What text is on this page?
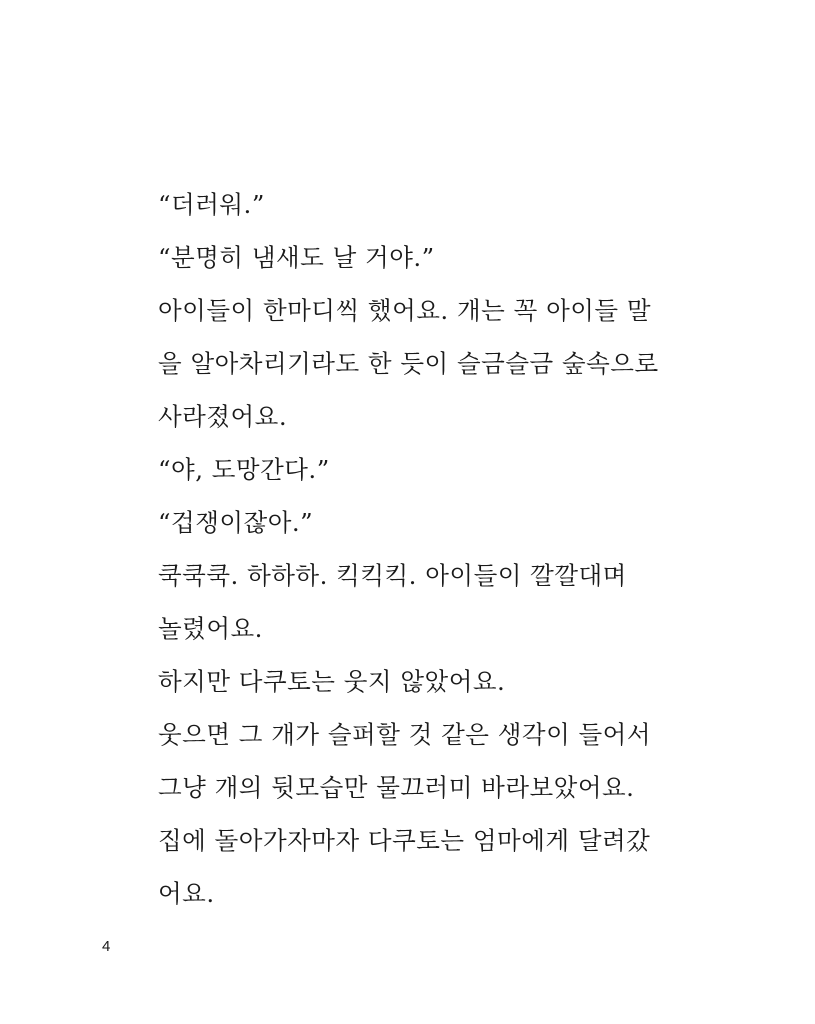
“더러워.”
“분명히 냄새도 날 거야.”
아이들이 한마디씩 했어요. 개는 꼭 아이들 말
을 알아차리기라도 한 듯이 슬금슬금 숲속으로
사라졌어요.
“야, 도망간다.”
“겁쟁이잖아.”
쿡쿡쿡. 하하하. 킥킥킥. 아이들이 깔깔대며
놀렸어요.
하지만 다쿠토는 웃지 않았어요.
웃으면 그 개가 슬퍼할 것 같은 생각이 들어서
그냥 개의 뒷모습만 물끄러미 바라보았어요.
집에 돌아가자마자 다쿠토는 엄마에게 달려갔
어요.
4
